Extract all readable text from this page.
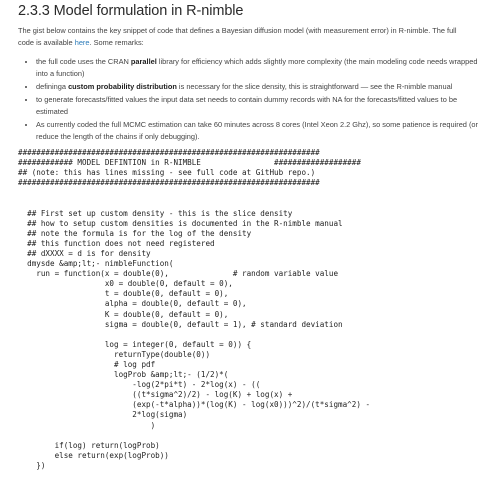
2.3.3 Model formulation in R-nimble

The gist below contains the key snippet of code that defines a Bayesian diffusion model (with measurement error) in R-nimble. The full code is available here. Some remarks:

• the full code uses the CRAN parallel library for efficiency which adds slightly more complexity (the main modeling code needs wrapped into a function)
• defininga custom probability distribution is necessary for the slice density, this is straightforward — see the R-nimble manual
• to generate forecasts/fitted values the input data set needs to contain dummy records with NA for the forecasts/fitted values to be estimated
• As currently coded the full MCMC estimation can take 60 minutes across 8 cores (Intel Xeon 2.2 Ghz), so some patience is required (or reduce the length of the chains if only debugging).
##################################################################
############ MODEL DEFINTION in R-NIMBLE                ###################
## (note: this has lines missing - see full code at GitHub repo.)
##################################################################
## First set up custom density - this is the slice density
## how to setup custom densities is documented in the R-nimble manual
## note the formula is for the log of the density
## this function does not need registered
## dXXXX = d is for density
dmysde &amp;lt;- nimbleFunction(
run = function(x = double(0),              # random variable value
x0 = double(0, default = 0),
t = double(0, default = 0),
alpha = double(0, default = 0),
K = double(0, default = 0),
sigma = double(0, default = 1), # standard deviation
log = integer(0, default = 0)) {
returnType(double(0))
# log pdf
logProb &amp;lt;- (1/2)*(
-log(2*pi*t) - 2*log(x) - ((
((t*sigma^2)/2) - log(K) + log(x) +
(exp(-t*alpha))*(log(K) - log(x0)))^2)/(t*sigma^2) -
2*log(sigma)
)
if(log) return(logProb)
else return(exp(logProb))
})
